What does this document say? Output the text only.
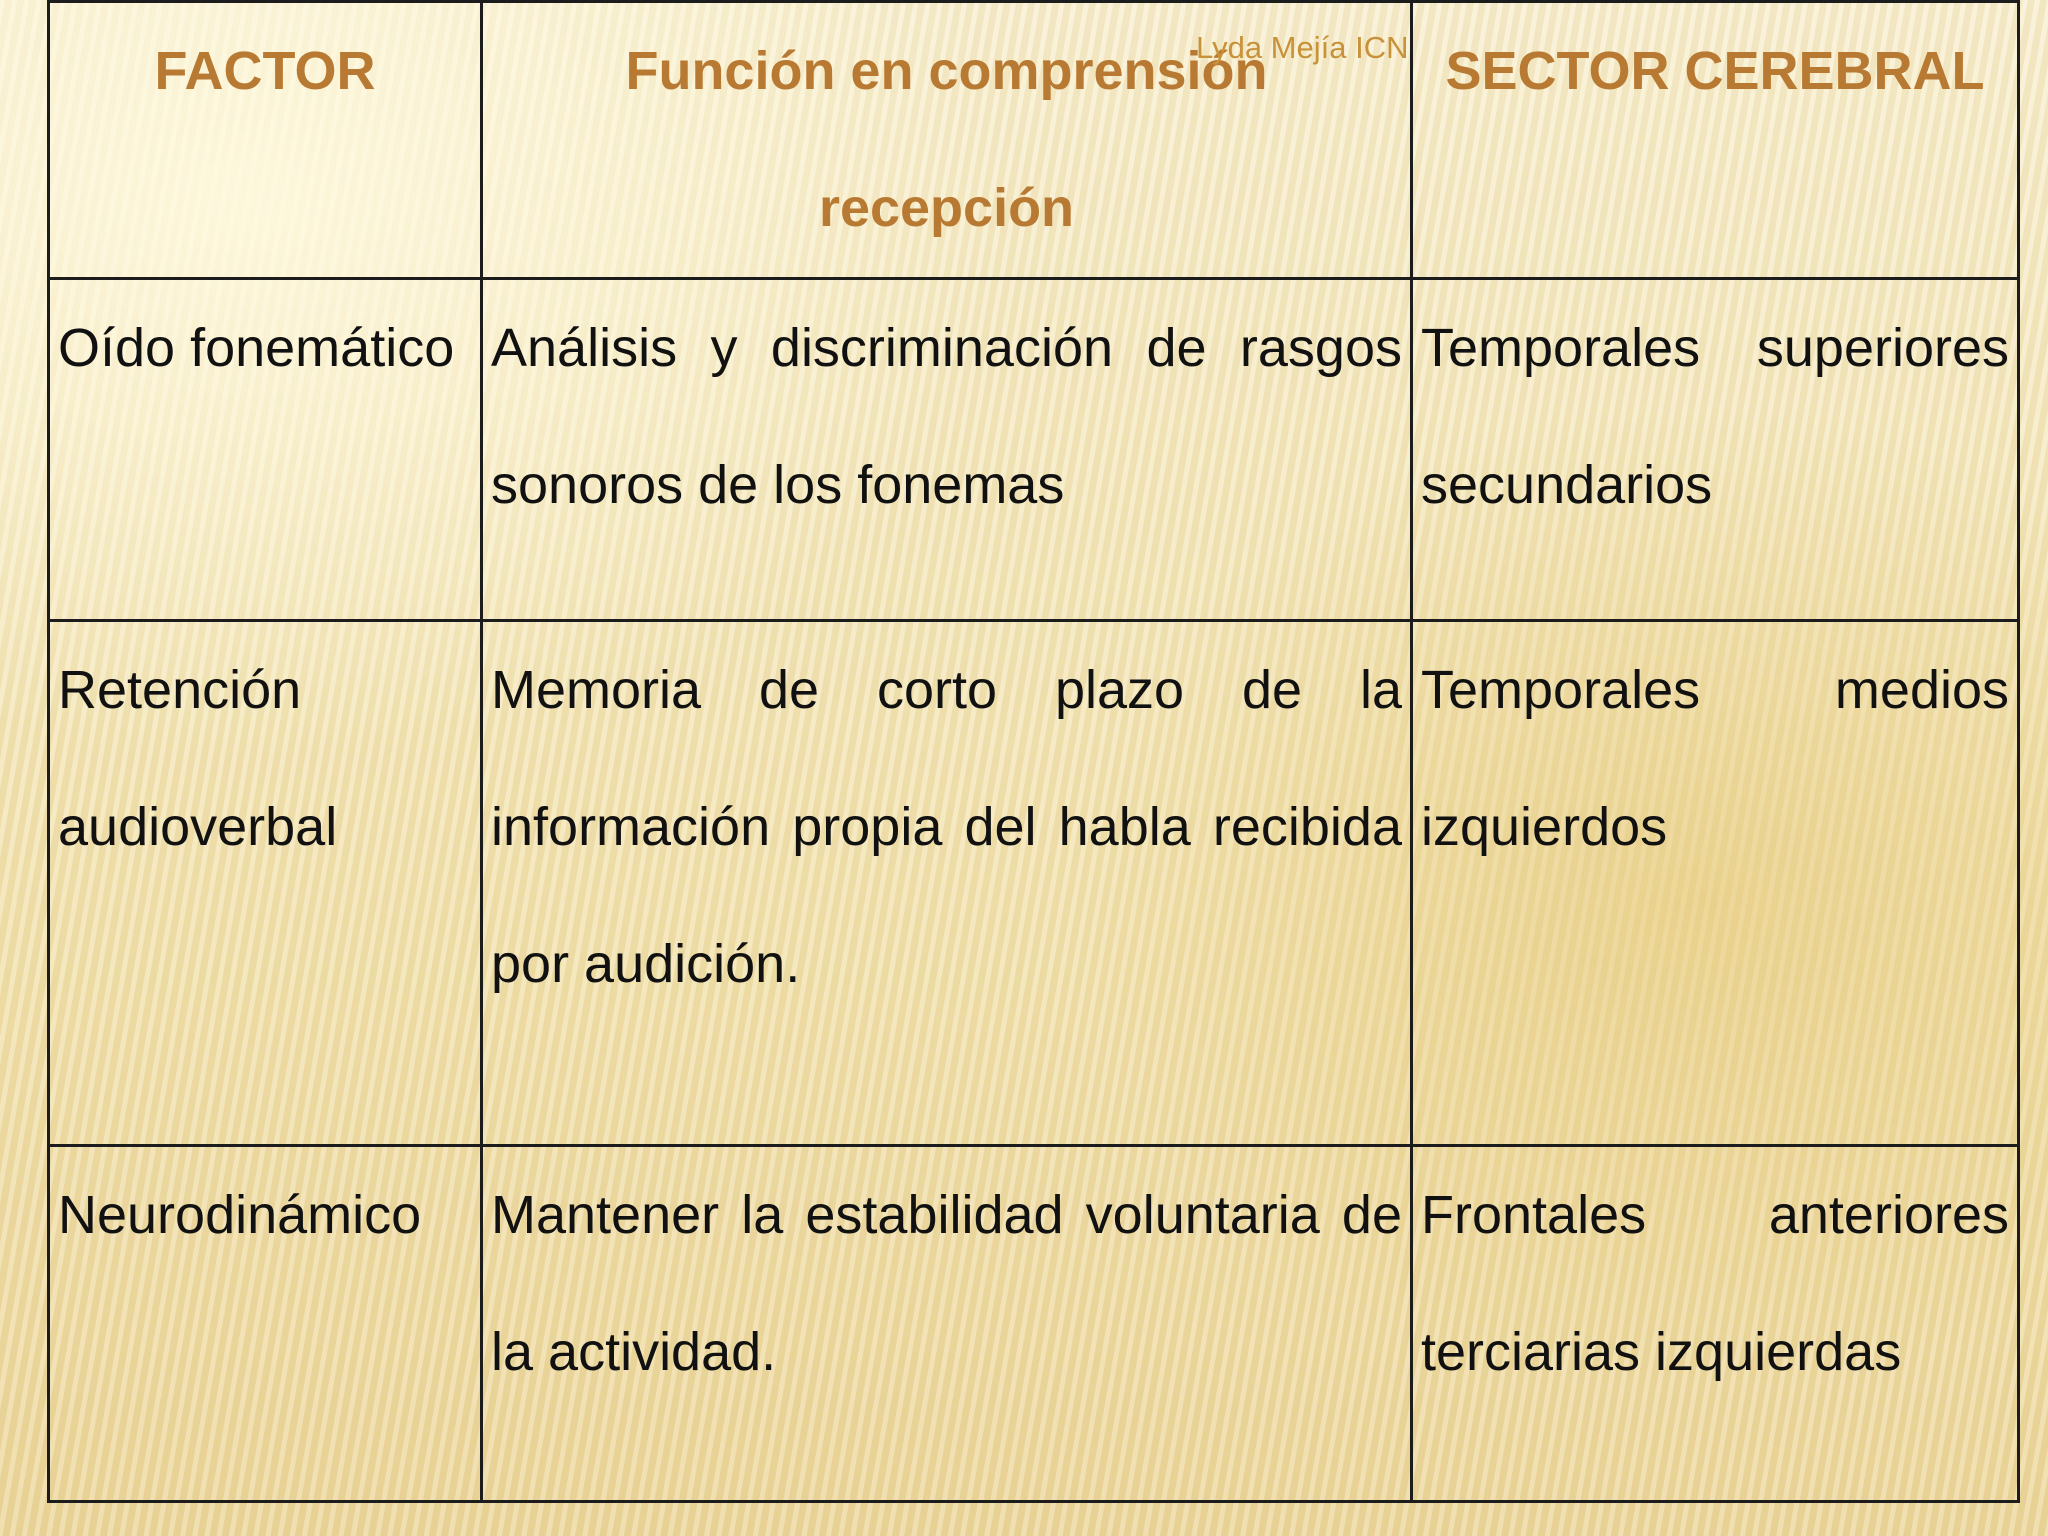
Lyda Mejía ICN
FACTOR	Función en comprensión recepción	SECTOR CEREBRAL

Oído fonemático	Análisis y discriminación de rasgos sonoros de los fonemas	Temporales superiores secundarios

Retención audioverbal	Memoria de corto plazo de la información propia del habla recibida por audición.	Temporales medios izquierdos

Neurodinámico	Mantener la estabilidad voluntaria de la actividad.	Frontales anteriores terciarias izquierdas
